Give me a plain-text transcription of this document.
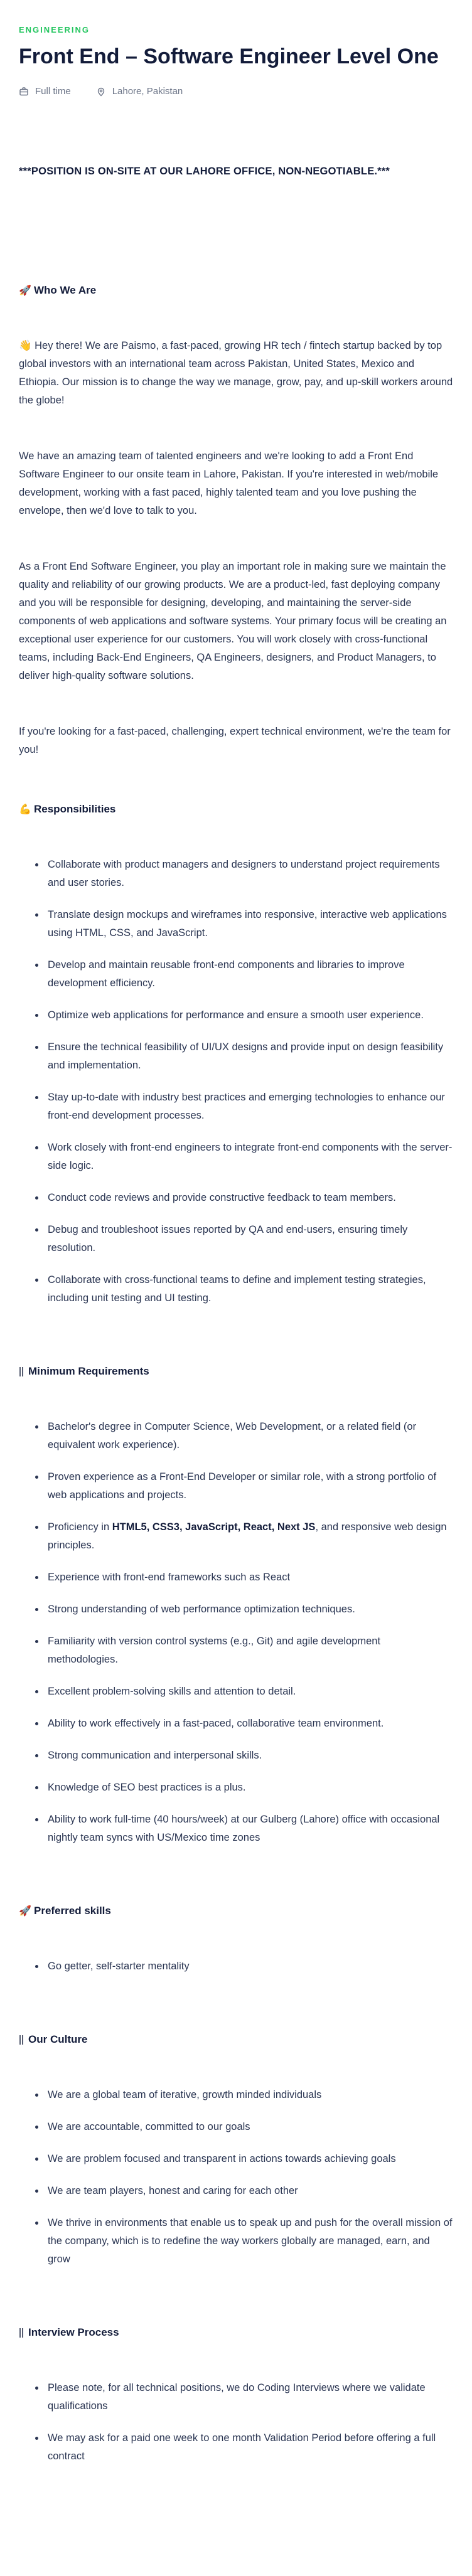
ENGINEERING
Front End – Software Engineer Level One
Full time	Lahore, Pakistan
***POSITION IS ON-SITE AT OUR LAHORE OFFICE, NON-NEGOTIABLE.***
🚀 Who We Are

👋 Hey there! We are Paismo, a fast-paced, growing HR tech / fintech startup backed by top global investors with an international team across Pakistan, United States, Mexico and Ethiopia. Our mission is to change the way we manage, grow, pay, and up-skill workers around the globe!

We have an amazing team of talented engineers and we're looking to add a Front End Software Engineer to our onsite team in Lahore, Pakistan. If you're interested in web/mobile development, working with a fast paced, highly talented team and you love pushing the envelope, then we'd love to talk to you.

As a Front End Software Engineer, you play an important role in making sure we maintain the quality and reliability of our growing products. We are a product-led, fast deploying company and you will be responsible for designing, developing, and maintaining the server-side components of web applications and software systems. Your primary focus will be creating an exceptional user experience for our customers. You will work closely with cross-functional teams, including Back-End Engineers, QA Engineers, designers, and Product Managers, to deliver high-quality software solutions.

If you're looking for a fast-paced, challenging, expert technical environment, we're the team for you!

💪 Responsibilities
• Collaborate with product managers and designers to understand project requirements and user stories.
• Translate design mockups and wireframes into responsive, interactive web applications using HTML, CSS, and JavaScript.
• Develop and maintain reusable front-end components and libraries to improve development efficiency.
• Optimize web applications for performance and ensure a smooth user experience.
• Ensure the technical feasibility of UI/UX designs and provide input on design feasibility and implementation.
• Stay up-to-date with industry best practices and emerging technologies to enhance our front-end development processes.
• Work closely with front-end engineers to integrate front-end components with the server-side logic.
• Conduct code reviews and provide constructive feedback to team members.
• Debug and troubleshoot issues reported by QA and end-users, ensuring timely resolution.
• Collaborate with cross-functional teams to define and implement testing strategies, including unit testing and UI testing.
Minimum Requirements
• Bachelor's degree in Computer Science, Web Development, or a related field (or equivalent work experience).
• Proven experience as a Front-End Developer or similar role, with a strong portfolio of web applications and projects.
• Proficiency in HTML5, CSS3, JavaScript, React, Next JS, and responsive web design principles.
• Experience with front-end frameworks such as React
• Strong understanding of web performance optimization techniques.
• Familiarity with version control systems (e.g., Git) and agile development methodologies.
• Excellent problem-solving skills and attention to detail.
• Ability to work effectively in a fast-paced, collaborative team environment.
• Strong communication and interpersonal skills.
• Knowledge of SEO best practices is a plus.
• Ability to work full-time (40 hours/week) at our Gulberg (Lahore) office with occasional nightly team syncs with US/Mexico time zones
🚀 Preferred skills
• Go getter, self-starter mentality
Our Culture
• We are a global team of iterative, growth minded individuals
• We are accountable, committed to our goals
• We are problem focused and transparent in actions towards achieving goals
• We are team players, honest and caring for each other
• We thrive in environments that enable us to speak up and push for the overall mission of the company, which is to redefine the way workers globally are managed, earn, and grow
Interview Process
• Please note, for all technical positions, we do Coding Interviews where we validate qualifications
• We may ask for a paid one week to one month Validation Period before offering a full contract
